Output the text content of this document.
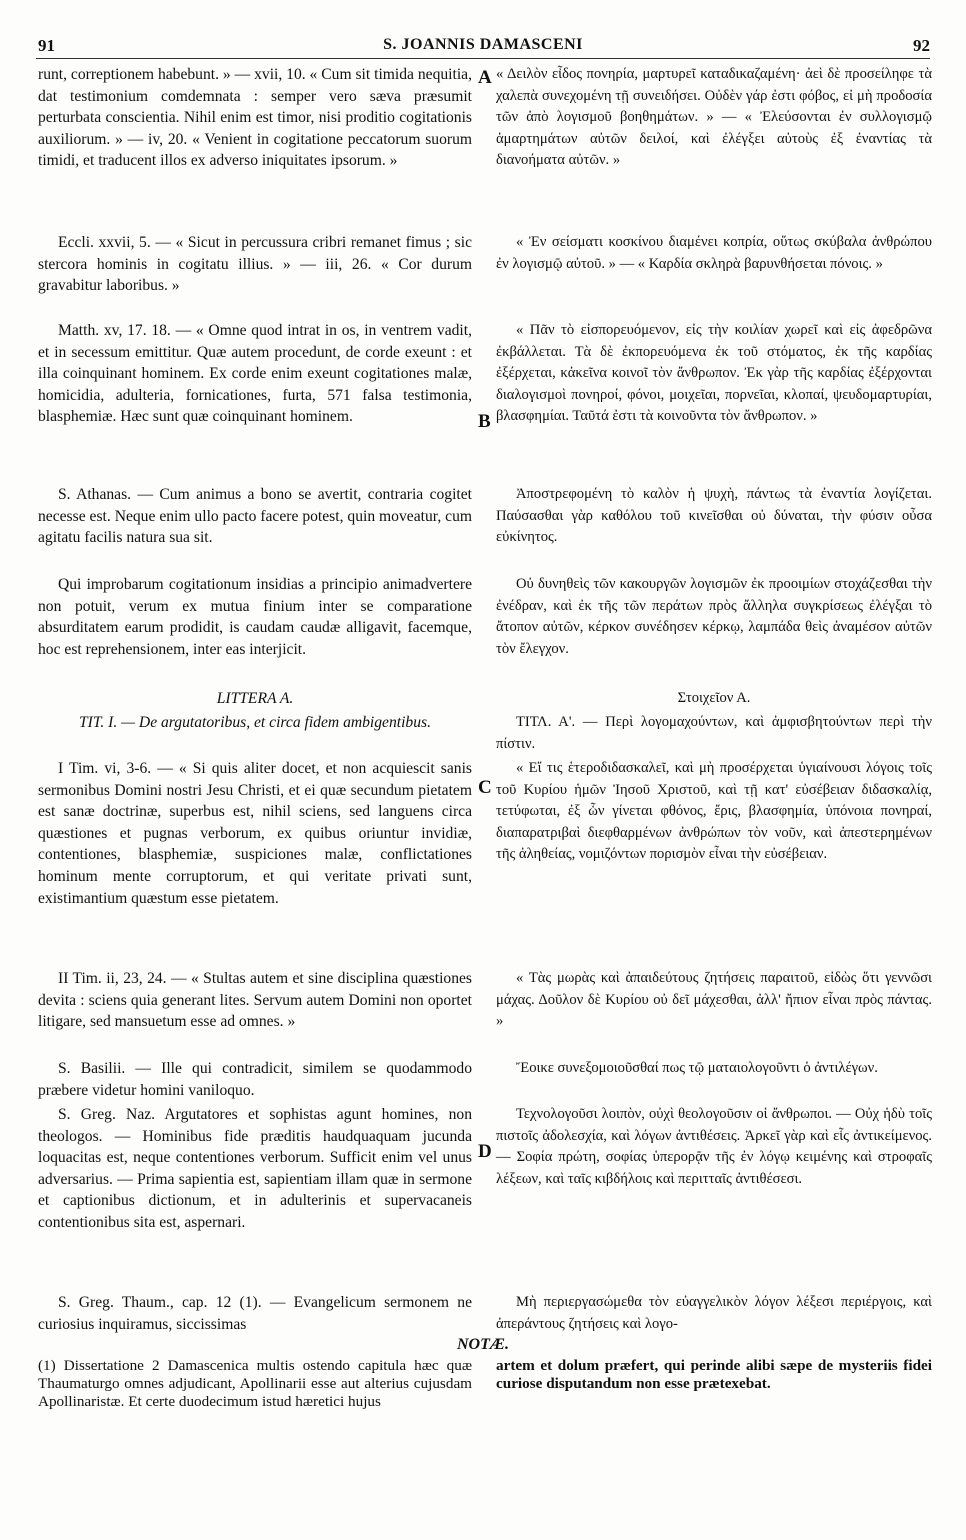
91	S. JOANNIS DAMASCENI	92

runt, correptionem habebunt. » — xvii, 10. « Cum sit timida nequitia, dat testimonium comdemnata : semper vero sæva præsumit perturbata conscientia. Nihil enim est timor, nisi proditio cogitationis auxiliorum. » — iv, 20. « Venient in cogitatione peccatorum suorum timidi, et traducent illos ex adverso iniquitates ipsorum. »

Eccli. xxvii, 5. — « Sicut in percussura cribri remanet fimus ; sic stercora hominis in cogitatu illius. » — iii, 26. « Cor durum gravabitur laboribus. »

Matth. xv, 17. 18. — « Omne quod intrat in os, in ventrem vadit, et in secessum emittitur. Quæ autem procedunt, de corde exeunt : et illa coinquinant hominem. Ex corde enim exeunt cogitationes malæ, homicidia, adulteria, fornicationes, furta, 571 falsa testimonia, blasphemiæ. Hæc sunt quæ coinquinant hominem.

S. Athanas. — Cum animus a bono se avertit, contraria cogitet necesse est. Neque enim ullo pacto facere potest, quin moveatur, cum agitatu facilis natura sua sit.

Qui improbarum cogitationum insidias a principio animadvertere non potuit, verum ex mutua finium inter se comparatione absurditatem earum prodidit, is caudam caudæ alligavit, facemque, hoc est reprehensionem, inter eas interjicit.

LITTERA A.

TIT. I. — De argutatoribus, et circa fidem ambigentibus.

I Tim. vi, 3-6. — « Si quis aliter docet, et non acquiescit sanis sermonibus Domini nostri Jesu Christi, et ei quæ secundum pietatem est sanæ doctrinæ, superbus est, nihil sciens, sed languens circa quæstiones et pugnas verborum, ex quibus oriuntur invidiæ, contentiones, blasphemiæ, suspiciones malæ, conflictationes hominum mente corruptorum, et qui veritate privati sunt, existimantium quæstum esse pietatem.

II Tim. ii, 23, 24. — « Stultas autem et sine disciplina quæstiones devita : sciens quia generant lites. Servum autem Domini non oportet litigare, sed mansuetum esse ad omnes. »

S. Basilii. — Ille qui contradicit, similem se quodammodo præbere videtur homini vaniloquo.

S. Greg. Naz. Argutatores et sophistas agunt homines, non theologos. — Hominibus fide præditis haudquaquam jucunda loquacitas est, neque contentiones verborum. Sufficit enim vel unus adversarius. — Prima sapientia est, sapientiam illam quæ in sermone et captionibus dictionum, et in adulterinis et supervacaneis contentionibus sita est, aspernari.

S. Greg. Thaum., cap. 12 (1). — Evangelicum sermonem ne curiosius inquiramus, siccissimas

A
B
C
D

« Δειλὸν εἶδος πονηρία, μαρτυρεῖ καταδικαζαμένη· ἀεὶ δὲ προσείληφε τὰ χαλεπὰ συνεχομένη τῇ συνειδήσει. Οὐδὲν γάρ ἐστι φόβος, εἰ μὴ προδοσία τῶν ἀπὸ λογισμοῦ βοηθημάτων. » — « Ἐλεύσονται ἐν συλλογισμῷ ἁμαρτημάτων αὐτῶν δειλοί, καὶ ἐλέγξει αὐτοὺς ἐξ ἐναντίας τὰ διανοήματα αὐτῶν. »

« Ἐν σείσματι κοσκίνου διαμένει κοπρία, οὕτως σκύβαλα ἀνθρώπου ἐν λογισμῷ αὐτοῦ. » — « Καρδία σκληρὰ βαρυνθήσεται πόνοις. »

« Πᾶν τὸ εἰσπορευόμενον, εἰς τὴν κοιλίαν χωρεῖ καὶ εἰς ἀφεδρῶνα ἐκβάλλεται. Τὰ δὲ ἐκπορευόμενα ἐκ τοῦ στόματος, ἐκ τῆς καρδίας ἐξέρχεται, κἀκεῖνα κοινοῖ τὸν ἄνθρωπον. Ἐκ γὰρ τῆς καρδίας ἐξέρχονται διαλογισμοὶ πονηροί, φόνοι, μοιχεῖαι, πορνεῖαι, κλοπαί, ψευδομαρτυρίαι, βλασφημίαι. Ταῦτά ἐστι τὰ κοινοῦντα τὸν ἄνθρωπον. »

Ἀποστρεφομένη τὸ καλὸν ἡ ψυχὴ, πάντως τὰ ἐναντία λογίζεται. Παύσασθαι γὰρ καθόλου τοῦ κινεῖσθαι οὐ δύναται, τὴν φύσιν οὖσα εὐκίνητος.

Οὐ δυνηθεὶς τῶν κακουργῶν λογισμῶν ἐκ προοιμίων στοχάζεσθαι τὴν ἐνέδραν, καὶ ἐκ τῆς τῶν περάτων πρὸς ἄλληλα συγκρίσεως ἐλέγξαι τὸ ἄτοπον αὐτῶν, κέρκον συνέδησεν κέρκῳ, λαμπάδα θεὶς ἀναμέσον αὐτῶν τὸν ἔλεγχον.

Στοιχεῖον Α.

ΤΙΤΛ. Α'. — Περὶ λογομαχούντων, καὶ ἀμφισβητούντων περὶ τὴν πίστιν.

« Εἴ τις ἑτεροδιδασκαλεῖ, καὶ μὴ προσέρχεται ὑγιαίνουσι λόγοις τοῖς τοῦ Κυρίου ἡμῶν Ἰησοῦ Χριστοῦ, καὶ τῇ κατ' εὐσέβειαν διδασκαλίᾳ, τετύφωται, ἐξ ὧν γίνεται φθόνος, ἔρις, βλασφημία, ὑπόνοια πονηραί, διαπαρατριβαὶ διεφθαρμένων ἀνθρώπων τὸν νοῦν, καὶ ἀπεστερημένων τῆς ἀληθείας, νομιζόντων πορισμὸν εἶναι τὴν εὐσέβειαν.

« Τὰς μωρὰς καὶ ἀπαιδεύτους ζητήσεις παραιτοῦ, εἰδὼς ὅτι γεννῶσι μάχας. Δοῦλον δὲ Κυρίου οὐ δεῖ μάχεσθαι, ἀλλ' ἤπιον εἶναι πρὸς πάντας. »

Ἔοικε συνεξομοιοῦσθαί πως τῷ ματαιολογοῦντι ὁ ἀντιλέγων.

Τεχνολογοῦσι λοιπὸν, οὐχὶ θεολογοῦσιν οἱ ἄνθρωποι. — Οὐχ ἡδὺ τοῖς πιστοῖς ἀδολεσχία, καὶ λόγων ἀντιθέσεις. Ἀρκεῖ γὰρ καὶ εἷς ἀντικείμενος. — Σοφία πρώτη, σοφίας ὑπερορᾷν τῆς ἐν λόγῳ κειμένης καὶ στροφαῖς λέξεων, καὶ ταῖς κιβδήλοις καὶ περιτταῖς ἀντιθέσεσι.

Μὴ περιεργασώμεθα τὸν εὐαγγελικὸν λόγον λέξεσι περιέργοις, καὶ ἀπεράντους ζητήσεις καὶ λογο-

NOTÆ.
(1) Dissertatione 2 Damascenica multis ostendo capitula hæc quæ Thaumaturgo omnes adjudicant, Apollinarii esse aut alterius cujusdam Apollinaristæ. Et certe duodecimum istud hæretici hujus
artem et dolum præfert, qui perinde alibi sæpe de mysteriis fidei curiose disputandum non esse prætexebat.
